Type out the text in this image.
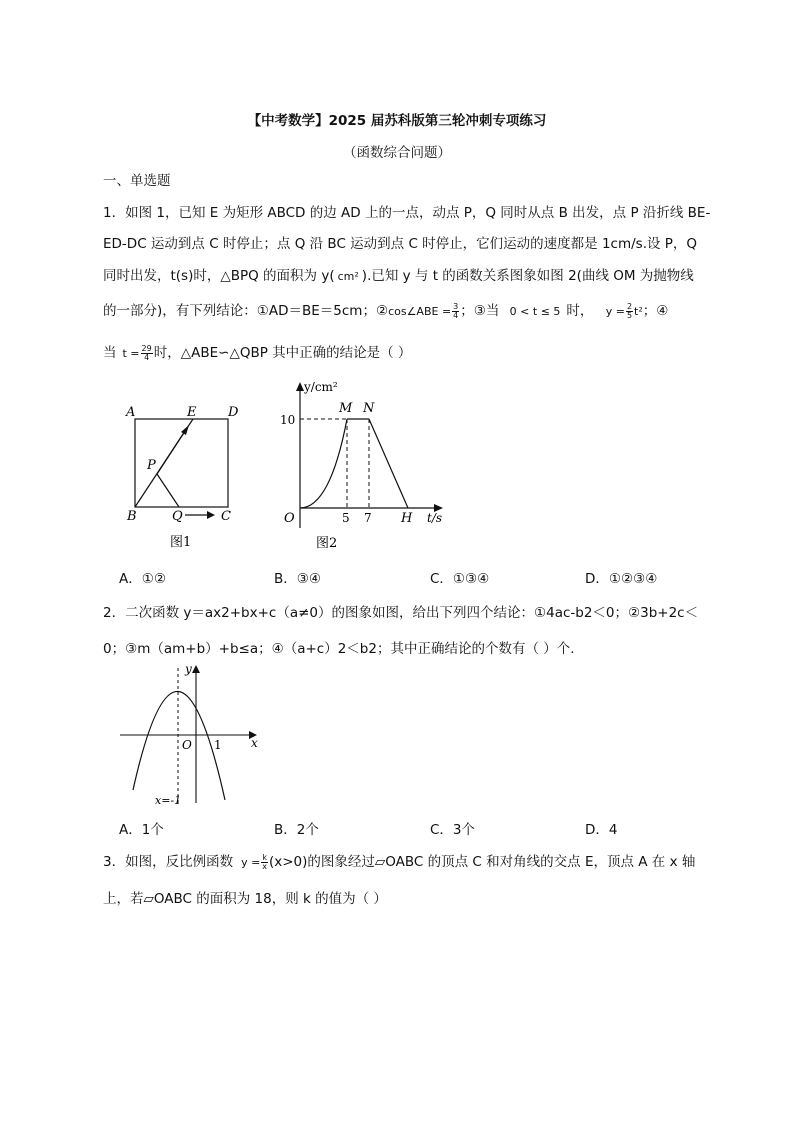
【中考数学】2025 届苏科版第三轮冲刺专项练习
（函数综合问题）
一、单选题
1．如图 1，已知 E 为矩形 ABCD 的边 AD 上的一点，动点 P，Q 同时从点 B 出发，点 P 沿折线 BE-
ED-DC 运动到点 C 时停止；点 Q 沿 BC 运动到点 C 时停止，它们运动的速度都是 1cm/s.设 P，Q
同时出发，t(s)时，△BPQ 的面积为 y( cm² ).已知 y 与 t 的函数关系图象如图 2(曲线 OM 为抛物线
的一部分)，有下列结论：①AD＝BE＝5cm；②cos∠ABE = $\frac{3}{4}$ ；③当 0 < t ≤ 5 时， $y = \frac{2}{5} t^2$；④
当 $t = \frac{29}{4}$ 时，△ABE∽△QBP 其中正确的结论是（ ）
A	E D
P
B	Q	C
图1
y/cm²
t/s
O
10
M N
H
5 7
图2
A．①②	B．③④	C．①③④	D．①②③④
2．二次函数 y＝ax2+bx+c（a≠0）的图象如图，给出下列四个结论：①4ac-b2＜0；②3b+2c＜
0；③m（am+b）+b≤a；④（a+c）2＜b2；其中正确结论的个数有（ ）个.
y
x
O 1
x=-1
A．1个	B．2个	C．3个	D．4
3．如图，反比例函数 $y = \frac{k}{x} (x>0)$的图象经过▱OABC 的顶点 C 和对角线的交点 E，顶点 A 在 x 轴
上，若▱OABC 的面积为 18，则 k 的值为（ ）
